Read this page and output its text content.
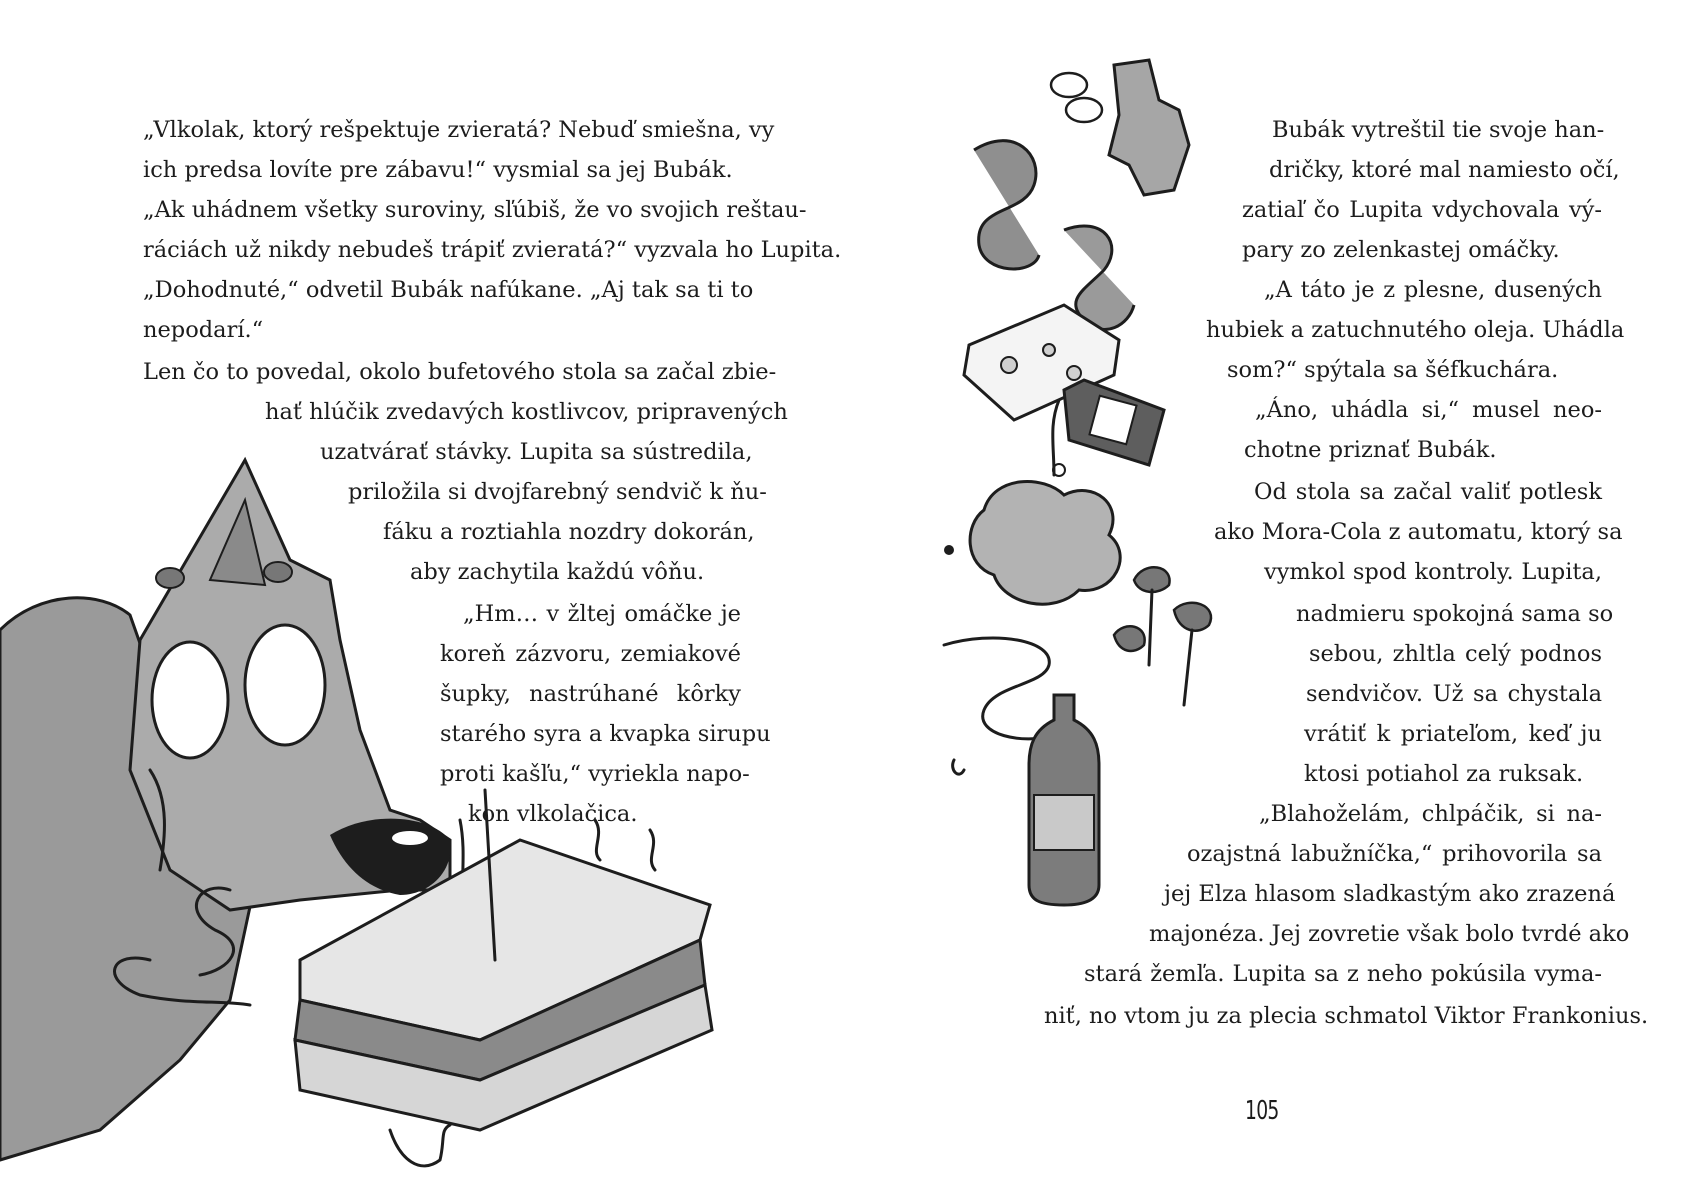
„Vlkolak, ktorý rešpektuje zvieratá? Nebuď smiešna, vy
ich predsa lovíte pre zábavu!“ vysmial sa jej Bubák.
„Ak uhádnem všetky suroviny, sľúbiš, že vo svojich reštau-
ráciách už nikdy nebudeš trápiť zvieratá?“ vyzvala ho Lupita.
„Dohodnuté,“ odvetil Bubák nafúkane. „Aj tak sa ti to
nepodarí.“
Len čo to povedal, okolo bufetového stola sa začal zbie-
hať hlúčik zvedavých kostlivcov, pripravených
uzatvárať stávky. Lupita sa sústredila,
priložila si dvojfarebný sendvič k ňu-
fáku a roztiahla nozdry dokorán,
aby zachytila každú vôňu.
„Hm… v žltej omáčke je
koreň zázvoru, zemiakové
šupky, nastrúhané kôrky
starého syra a kvapka sirupu
proti kašľu,“ vyriekla napo-
kon vlkolačica.
Bubák vytreštil tie svoje han-
dričky, ktoré mal namiesto očí,
zatiaľ čo Lupita vdychovala vý-
pary zo zelenkastej omáčky.
„A táto je z plesne, dusených
hubiek a zatuchnutého oleja. Uhádla
som?“ spýtala sa šéfkuchára.
„Áno, uhádla si,“ musel neo-
chotne priznať Bubák.
Od stola sa začal valiť potlesk
ako Mora-Cola z automatu, ktorý sa
vymkol spod kontroly. Lupita,
nadmieru spokojná sama so
sebou, zhltla celý podnos
sendvičov. Už sa chystala
vrátiť k priateľom, keď ju
ktosi potiahol za ruksak.
„Blahoželám, chlpáčik, si na-
ozajstná labužníčka,“ prihovorila sa
jej Elza hlasom sladkastým ako zrazená
majonéza. Jej zovretie však bolo tvrdé ako
stará žemľa. Lupita sa z neho pokúsila vyma-
niť, no vtom ju za plecia schmatol Viktor Frankonius.
105
